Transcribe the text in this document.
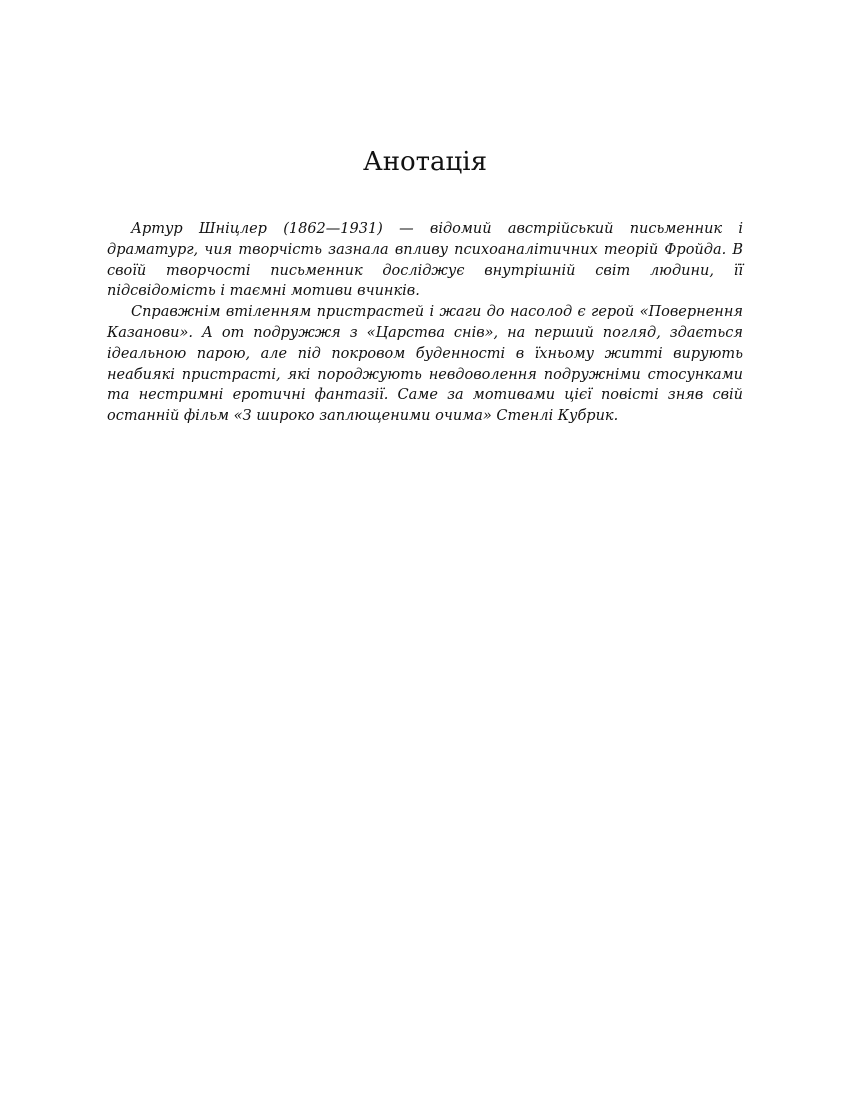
Анотація

Артур Шніцлер (1862—1931) — відомий австрійський письменник і драматург, чия творчість зазнала впливу психоаналітичних теорій Фройда. В своїй творчості письменник досліджує внутрішній світ людини, її підсвідомість і таємні мотиви вчинків.

Справжнім втіленням пристрастей і жаги до насолод є герой «Повернення Казанови». А от подружжя з «Царства снів», на перший погляд, здається ідеальною парою, але під покровом буденності в їхньому житті вирують неабиякі пристрасті, які породжують невдоволення подружніми стосунками та нестримні еротичні фантазії. Саме за мотивами цієї повісті зняв свій останній фільм «З широко заплющеними очима» Стенлі Кубрик.
